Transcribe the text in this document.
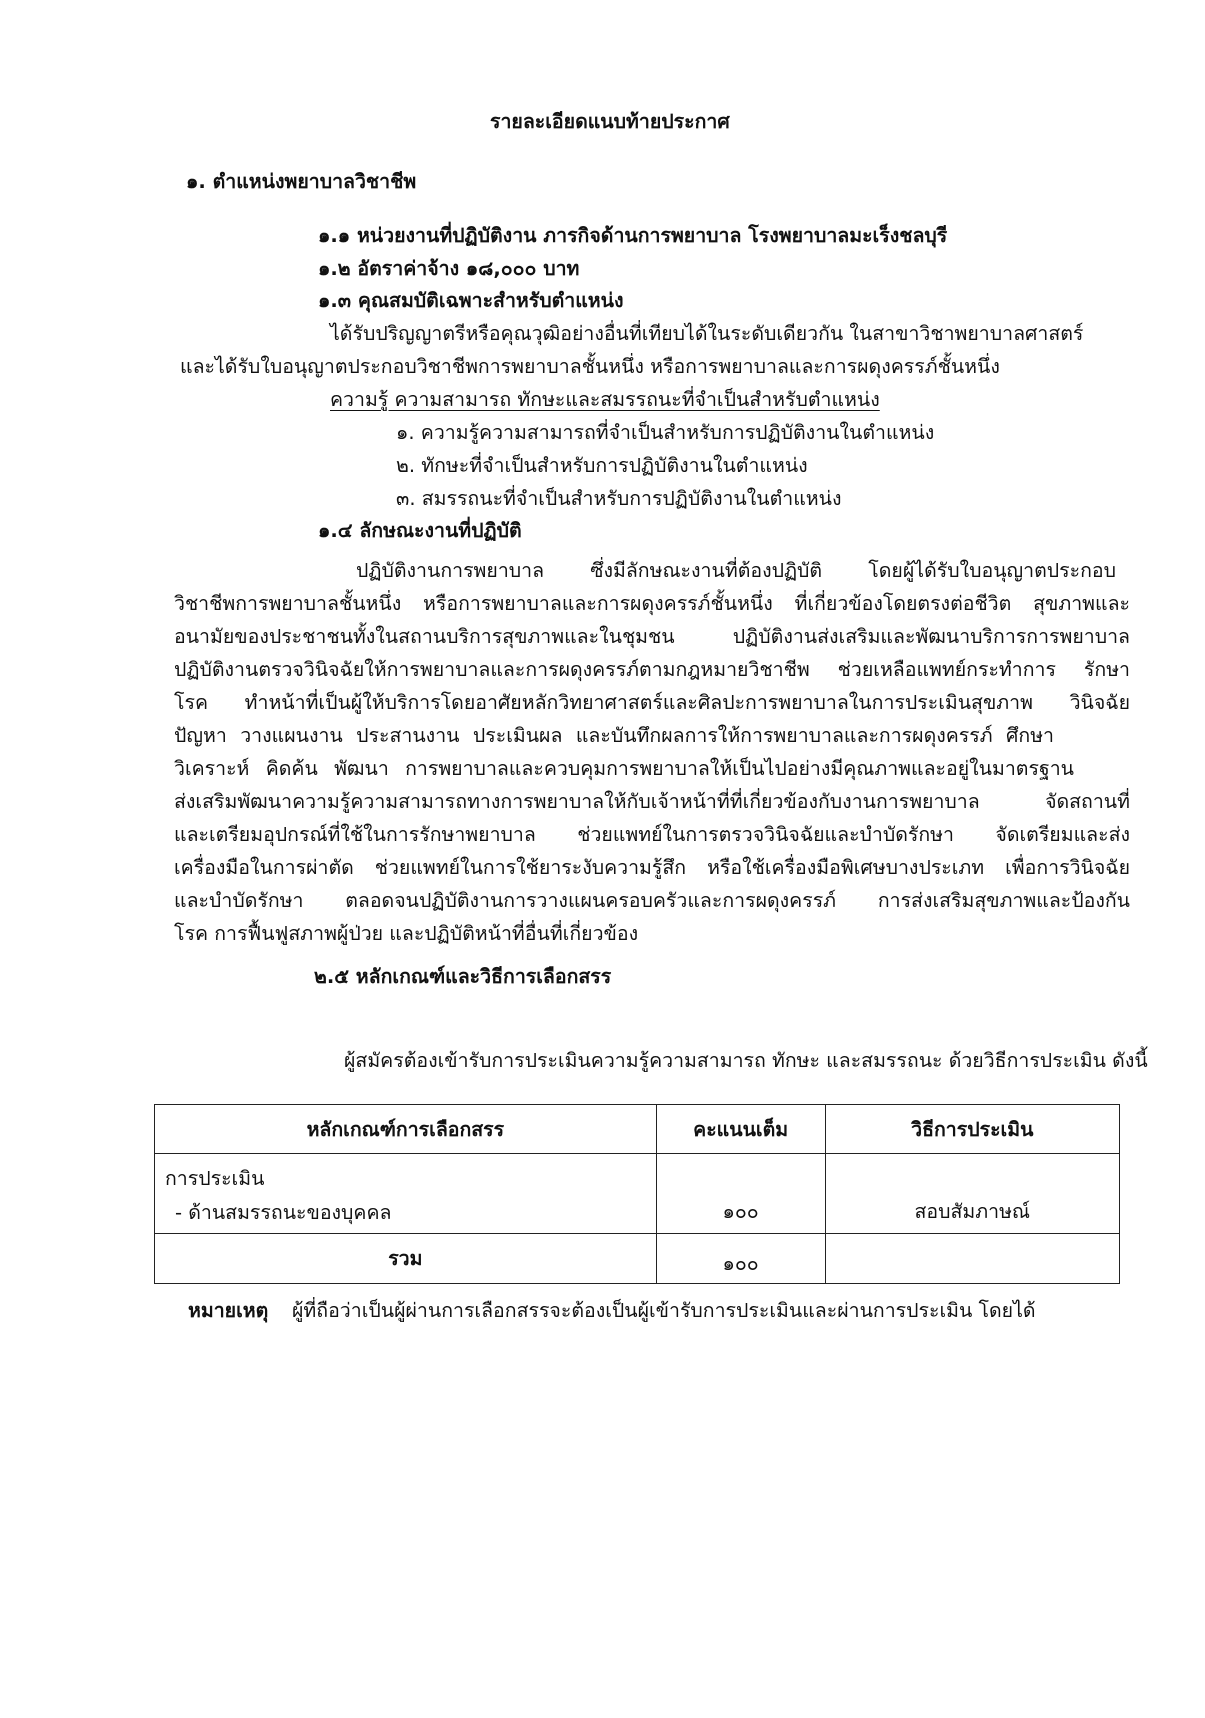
รายละเอียดแนบท้ายประกาศ
๑. ตำแหน่งพยาบาลวิชาชีพ
๑.๑ หน่วยงานที่ปฏิบัติงาน ภารกิจด้านการพยาบาล โรงพยาบาลมะเร็งชลบุรี
๑.๒ อัตราค่าจ้าง ๑๘,๐๐๐ บาท
๑.๓ คุณสมบัติเฉพาะสำหรับตำแหน่ง
ได้รับปริญญาตรีหรือคุณวุฒิอย่างอื่นที่เทียบได้ในระดับเดียวกัน ในสาขาวิชาพยาบาลศาสตร์
และได้รับใบอนุญาตประกอบวิชาชีพการพยาบาลชั้นหนึ่ง หรือการพยาบาลและการผดุงครรภ์ชั้นหนึ่ง
ความรู้ ความสามารถ ทักษะและสมรรถนะที่จำเป็นสำหรับตำแหน่ง
๑. ความรู้ความสามารถที่จำเป็นสำหรับการปฏิบัติงานในตำแหน่ง
๒. ทักษะที่จำเป็นสำหรับการปฏิบัติงานในตำแหน่ง
๓. สมรรถนะที่จำเป็นสำหรับการปฏิบัติงานในตำแหน่ง
๑.๔ ลักษณะงานที่ปฏิบัติ
ปฏิบัติงานการพยาบาล ซึ่งมีลักษณะงานที่ต้องปฏิบัติ โดยผู้ได้รับใบอนุญาตประกอบ
วิชาชีพการพยาบาลชั้นหนึ่ง หรือการพยาบาลและการผดุงครรภ์ชั้นหนึ่ง ที่เกี่ยวข้องโดยตรงต่อชีวิต สุขภาพและ
อนามัยของประชาชนทั้งในสถานบริการสุขภาพและในชุมชน ปฏิบัติงานส่งเสริมและพัฒนาบริการการพยาบาล
ปฏิบัติงานตรวจวินิจฉัยให้การพยาบาลและการผดุงครรภ์ตามกฎหมายวิชาชีพ ช่วยเหลือแพทย์กระทำการ รักษา
โรค ทำหน้าที่เป็นผู้ให้บริการโดยอาศัยหลักวิทยาศาสตร์และศิลปะการพยาบาลในการประเมินสุขภาพ วินิจฉัย
ปัญหา วางแผนงาน ประสานงาน ประเมินผล และบันทึกผลการให้การพยาบาลและการผดุงครรภ์ ศึกษา
วิเคราะห์ คิดค้น พัฒนา การพยาบาลและควบคุมการพยาบาลให้เป็นไปอย่างมีคุณภาพและอยู่ในมาตรฐาน
ส่งเสริมพัฒนาความรู้ความสามารถทางการพยาบาลให้กับเจ้าหน้าที่ที่เกี่ยวข้องกับงานการพยาบาล จัดสถานที่
และเตรียมอุปกรณ์ที่ใช้ในการรักษาพยาบาล ช่วยแพทย์ในการตรวจวินิจฉัยและบำบัดรักษา จัดเตรียมและส่ง
เครื่องมือในการผ่าตัด ช่วยแพทย์ในการใช้ยาระงับความรู้สึก หรือใช้เครื่องมือพิเศษบางประเภท เพื่อการวินิจฉัย
และบำบัดรักษา ตลอดจนปฏิบัติงานการวางแผนครอบครัวและการผดุงครรภ์ การส่งเสริมสุขภาพและป้องกัน
โรค การฟื้นฟูสภาพผู้ป่วย และปฏิบัติหน้าที่อื่นที่เกี่ยวข้อง
๒.๕ หลักเกณฑ์และวิธีการเลือกสรร
ผู้สมัครต้องเข้ารับการประเมินความรู้ความสามารถ ทักษะ และสมรรถนะ ด้วยวิธีการประเมิน ดังนี้
หลักเกณฑ์การเลือกสรร	คะแนนเต็ม	วิธีการประเมิน

การประเมิน
- ด้านสมรรถนะของบุคคล	๑๐๐	สอบสัมภาษณ์
รวม	๑๐๐	
หมายเหตุ ผู้ที่ถือว่าเป็นผู้ผ่านการเลือกสรรจะต้องเป็นผู้เข้ารับการประเมินและผ่านการประเมิน โดยได้
